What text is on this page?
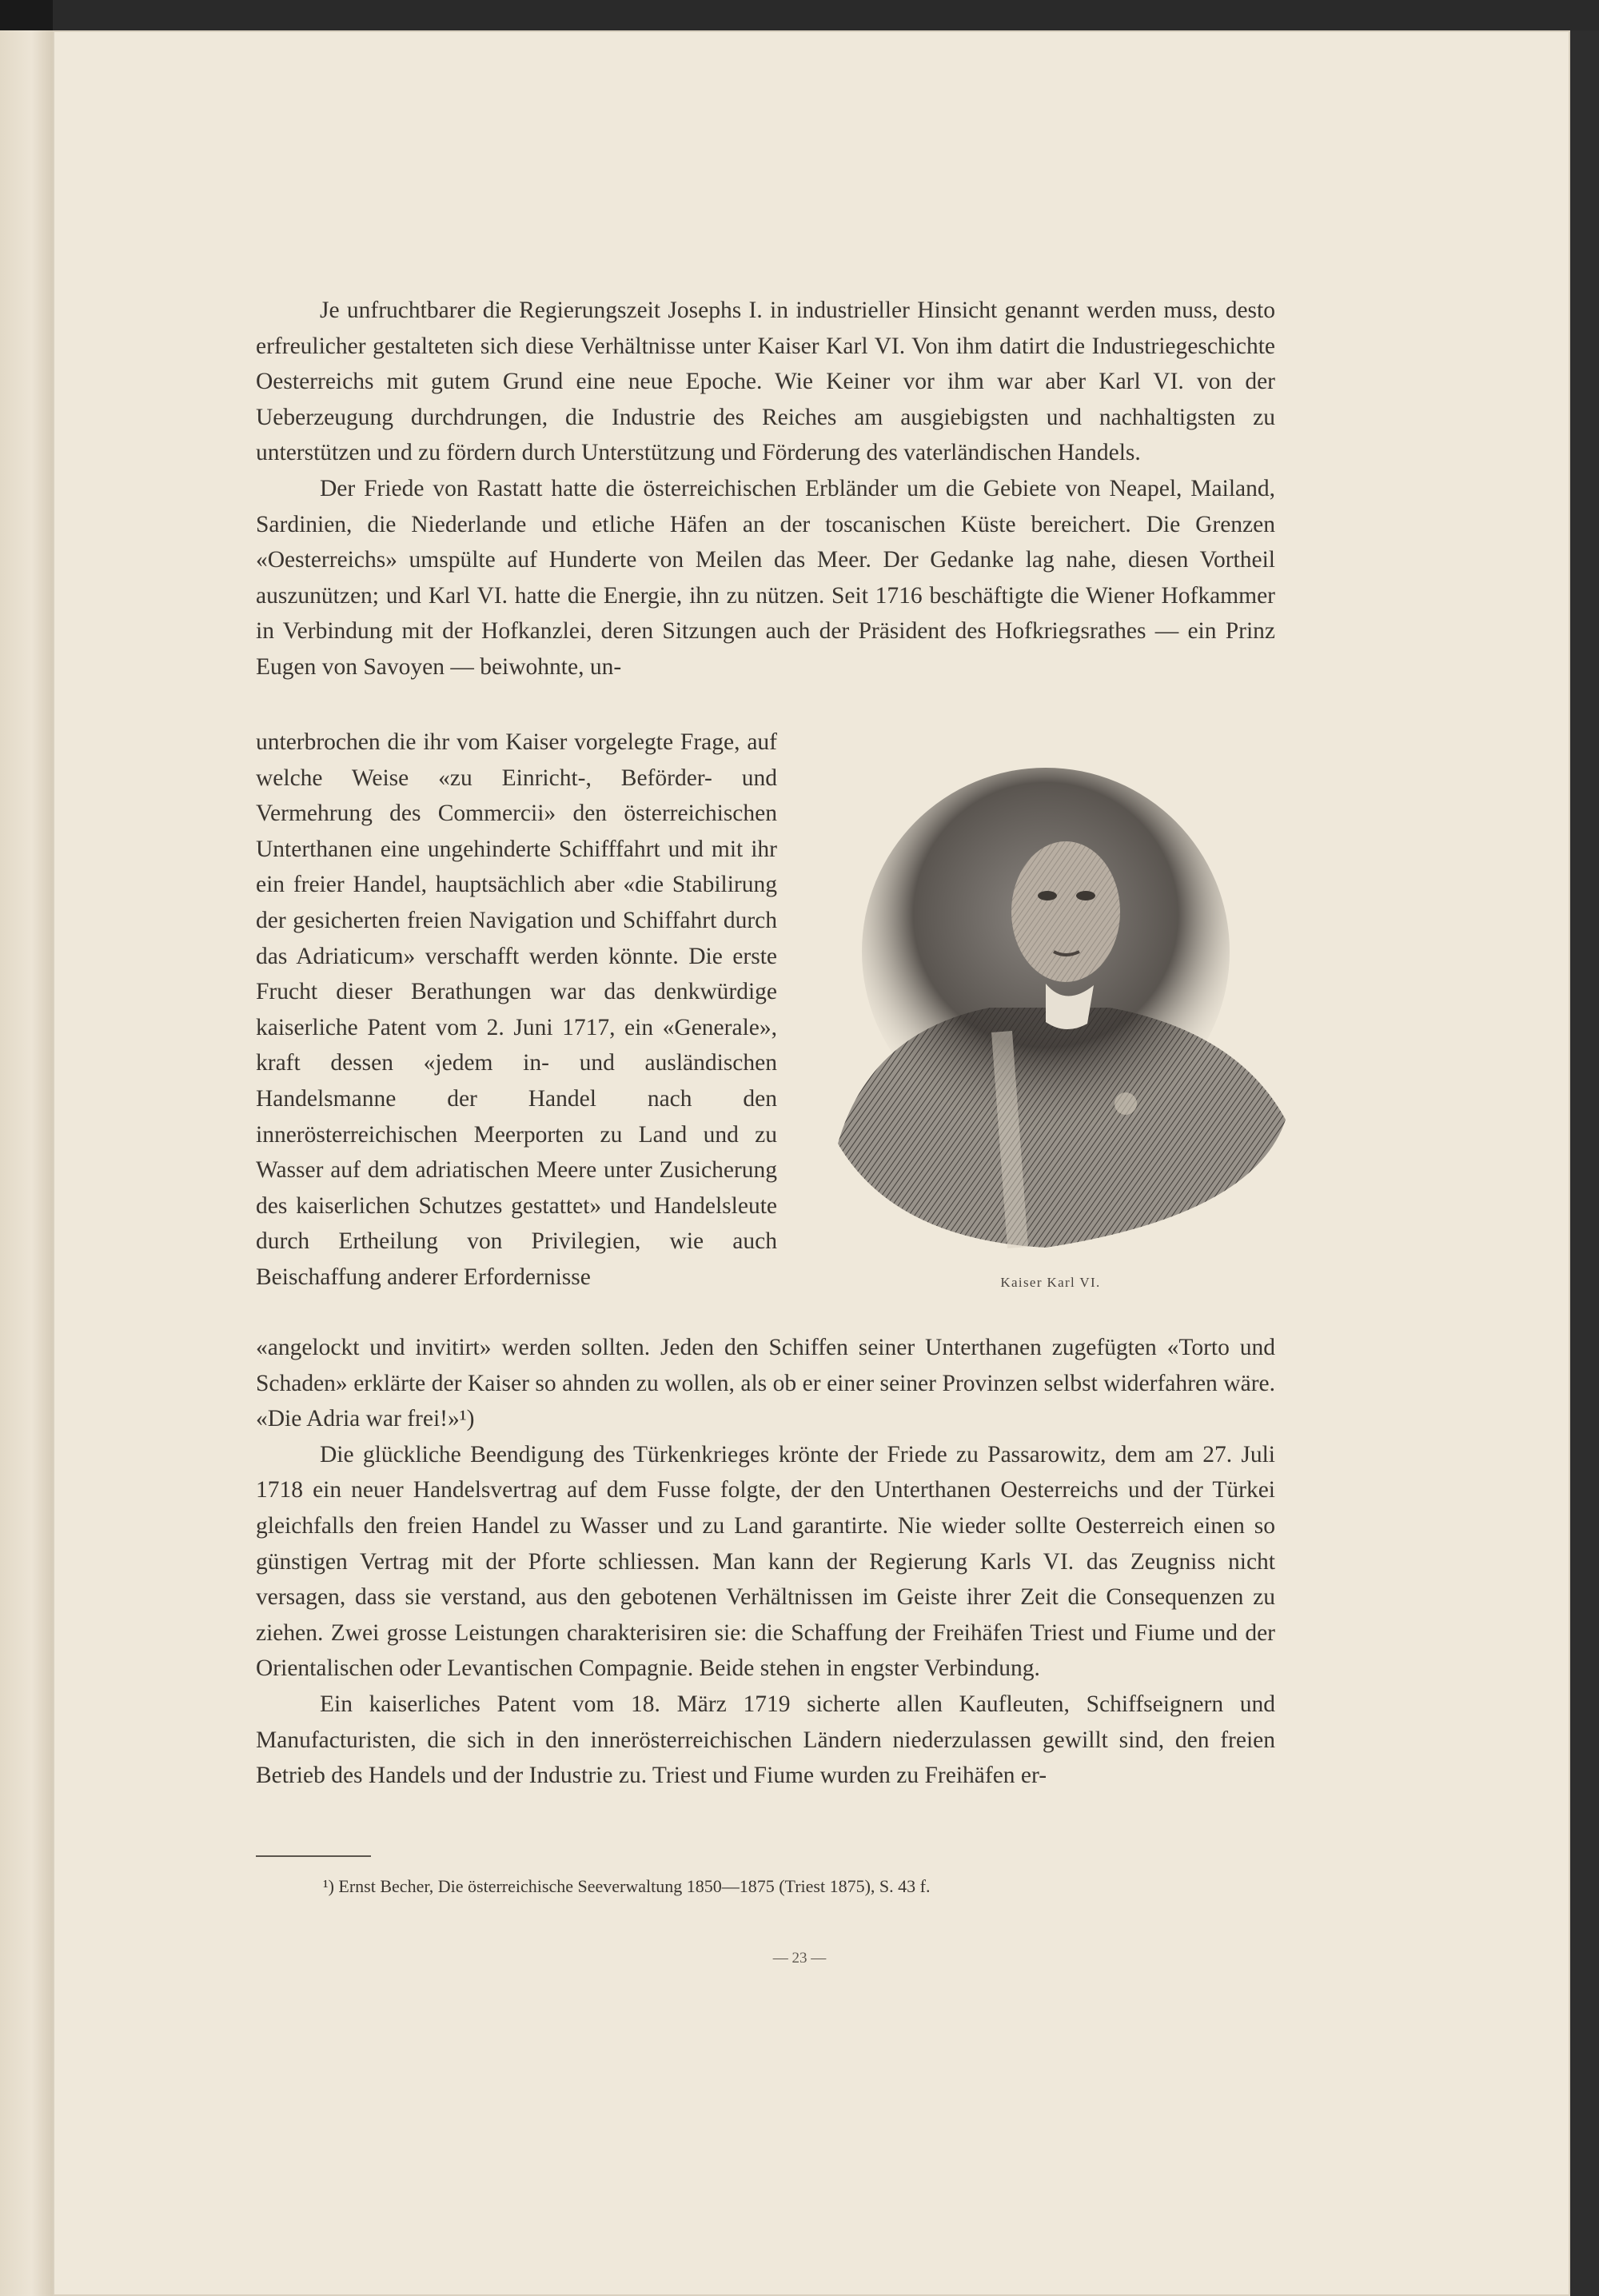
Je unfruchtbarer die Regierungszeit Josephs I. in industrieller Hinsicht genannt werden muss, desto erfreulicher gestalteten sich diese Verhältnisse unter Kaiser Karl VI. Von ihm datirt die Industriegeschichte Oesterreichs mit gutem Grund eine neue Epoche. Wie Keiner vor ihm war aber Karl VI. von der Ueberzeugung durchdrungen, die Industrie des Reiches am ausgiebigsten und nachhaltigsten zu unterstützen und zu fördern durch Unterstützung und Förderung des vaterländischen Handels.

Der Friede von Rastatt hatte die österreichischen Erbländer um die Gebiete von Neapel, Mailand, Sardinien, die Niederlande und etliche Häfen an der toscanischen Küste bereichert. Die Grenzen «Oesterreichs» umspülte auf Hunderte von Meilen das Meer. Der Gedanke lag nahe, diesen Vortheil auszunützen; und Karl VI. hatte die Energie, ihn zu nützen. Seit 1716 beschäftigte die Wiener Hofkammer in Verbindung mit der Hofkanzlei, deren Sitzungen auch der Präsident des Hofkriegsrathes — ein Prinz Eugen von Savoyen — beiwohnte, un-

unterbrochen die ihr vom Kaiser vorgelegte Frage, auf welche Weise «zu Einricht-, Beförder- und Vermehrung des Commercii» den österreichischen Unterthanen eine ungehinderte Schifffahrt und mit ihr ein freier Handel, hauptsächlich aber «die Stabilirung der gesicherten freien Navigation und Schiffahrt durch das Adriaticum» verschafft werden könnte. Die erste Frucht dieser Berathungen war das denkwürdige kaiserliche Patent vom 2. Juni 1717, ein «Generale», kraft dessen «jedem in- und ausländischen Handelsmanne der Handel nach den innerösterreichischen Meerporten zu Land und zu Wasser auf dem adriatischen Meere unter Zusicherung des kaiserlichen Schutzes gestattet» und Handelsleute durch Ertheilung von Privilegien, wie auch Beischaffung anderer Erfordernisse	Kaiser Karl VI.

«angelockt und invitirt» werden sollten. Jeden den Schiffen seiner Unterthanen zugefügten «Torto und Schaden» erklärte der Kaiser so ahnden zu wollen, als ob er einer seiner Provinzen selbst widerfahren wäre. «Die Adria war frei!»¹)

Die glückliche Beendigung des Türkenkrieges krönte der Friede zu Passarowitz, dem am 27. Juli 1718 ein neuer Handelsvertrag auf dem Fusse folgte, der den Unterthanen Oesterreichs und der Türkei gleichfalls den freien Handel zu Wasser und zu Land garantirte. Nie wieder sollte Oesterreich einen so günstigen Vertrag mit der Pforte schliessen. Man kann der Regierung Karls VI. das Zeugniss nicht versagen, dass sie verstand, aus den gebotenen Verhältnissen im Geiste ihrer Zeit die Consequenzen zu ziehen. Zwei grosse Leistungen charakterisiren sie: die Schaffung der Freihäfen Triest und Fiume und der Orientalischen oder Levantischen Compagnie. Beide stehen in engster Verbindung.

Ein kaiserliches Patent vom 18. März 1719 sicherte allen Kaufleuten, Schiffseignern und Manufacturisten, die sich in den innerösterreichischen Ländern niederzulassen gewillt sind, den freien Betrieb des Handels und der Industrie zu. Triest und Fiume wurden zu Freihäfen er-

¹) Ernst Becher, Die österreichische Seeverwaltung 1850—1875 (Triest 1875), S. 43 f.
— 23 —
